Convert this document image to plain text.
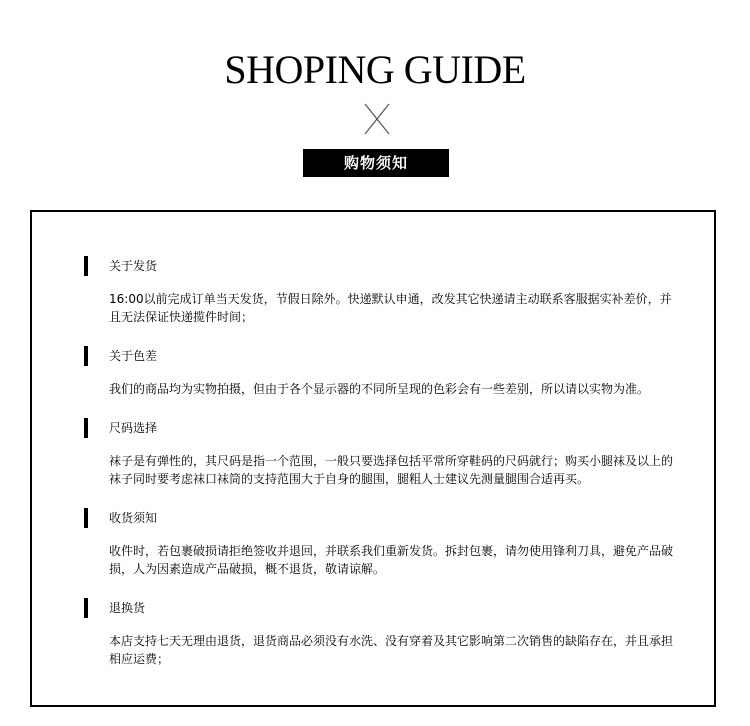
SHOPING GUIDE
购物须知
关于发货
16:00以前完成订单当天发货，节假日除外。快递默认申通，改发其它快递请主动联系客服据实补差价，并且无法保证快递揽件时间；
关于色差
我们的商品均为实物拍摄，但由于各个显示器的不同所呈现的色彩会有一些差别，所以请以实物为准。
尺码选择
袜子是有弹性的，其尺码是指一个范围，一般只要选择包括平常所穿鞋码的尺码就行；购买小腿袜及以上的袜子同时要考虑袜口袜筒的支持范围大于自身的腿围，腿粗人士建议先测量腿围合适再买。
收货须知
收件时，若包裹破损请拒绝签收并退回，并联系我们重新发货。拆封包裹，请勿使用锋利刀具，避免产品破损，人为因素造成产品破损，概不退货，敬请谅解。
退换货
本店支持七天无理由退货，退货商品必须没有水洗、没有穿着及其它影响第二次销售的缺陷存在，并且承担相应运费；
